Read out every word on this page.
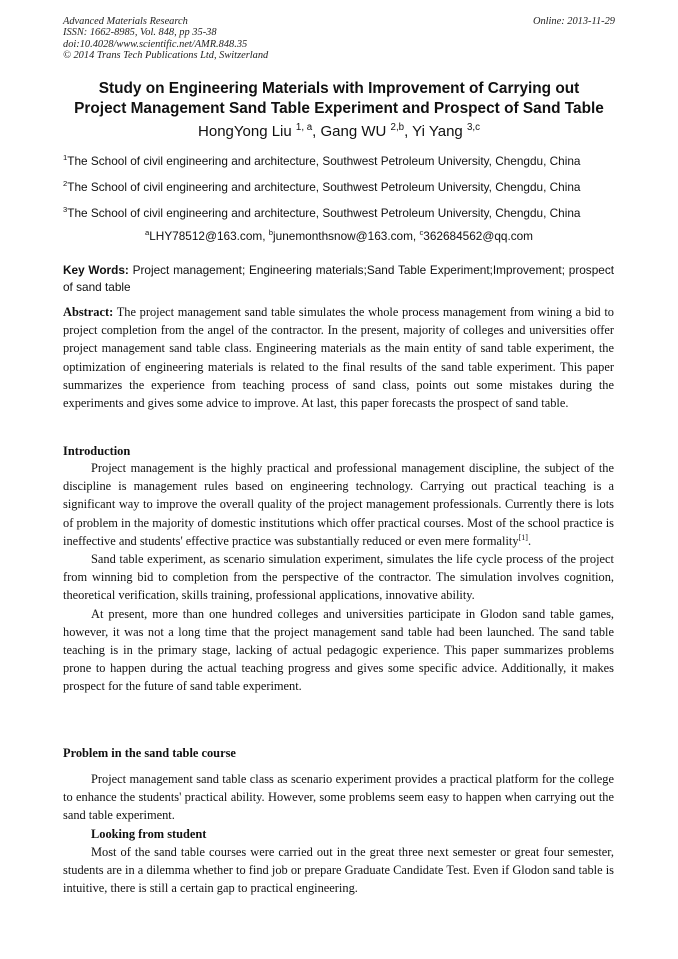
Advanced Materials Research
ISSN: 1662-8985, Vol. 848, pp 35-38
doi:10.4028/www.scientific.net/AMR.848.35
© 2014 Trans Tech Publications Ltd, Switzerland
Online: 2013-11-29
Study on Engineering Materials with Improvement of Carrying out
Project Management Sand Table Experiment and Prospect of Sand Table
HongYong Liu $^{1, a}$, Gang WU $^{2,b}$, Yi Yang $^{3,c}$
$^1$The School of civil engineering and architecture, Southwest Petroleum University, Chengdu, China
$^2$The School of civil engineering and architecture, Southwest Petroleum University, Chengdu, China
$^3$The School of civil engineering and architecture, Southwest Petroleum University, Chengdu, China
$^a$LHY78512@163.com, $^b$junemonthsnow@163.com, $^c$362684562@qq.com
Key Words: Project management; Engineering materials;Sand Table Experiment;Improvement; prospect of sand table

Abstract: The project management sand table simulates the whole process management from wining a bid to project completion from the angel of the contractor. In the present, majority of colleges and universities offer project management sand table class. Engineering materials as the main entity of sand table experiment, the optimization of engineering materials is related to the final results of the sand table experiment. This paper summarizes the experience from teaching process of sand class, points out some mistakes during the experiments and gives some advice to improve. At last, this paper forecasts the prospect of sand table.

Introduction

Project management is the highly practical and professional management discipline, the subject of the discipline is management rules based on engineering technology. Carrying out practical teaching is a significant way to improve the overall quality of the project management professionals. Currently there is lots of problem in the majority of domestic institutions which offer practical courses. Most of the school practice is ineffective and students' effective practice was substantially reduced or even mere formality[1].

Sand table experiment, as scenario simulation experiment, simulates the life cycle process of the project from winning bid to completion from the perspective of the contractor. The simulation involves cognition, theoretical verification, skills training, professional applications, innovative ability.

At present, more than one hundred colleges and universities participate in Glodon sand table games, however, it was not a long time that the project management sand table had been launched. The sand table teaching is in the primary stage, lacking of actual pedagogic experience. This paper summarizes problems prone to happen during the actual teaching progress and gives some specific advice. Additionally, it makes prospect for the future of sand table experiment.

Problem in the sand table course

Project management sand table class as scenario experiment provides a practical platform for the college to enhance the students' practical ability. However, some problems seem easy to happen when carrying out the sand table experiment.

Looking from student

Most of the sand table courses were carried out in the great three next semester or great four semester, students are in a dilemma whether to find job or prepare Graduate Candidate Test. Even if Glodon sand table is intuitive, there is still a certain gap to practical engineering.
